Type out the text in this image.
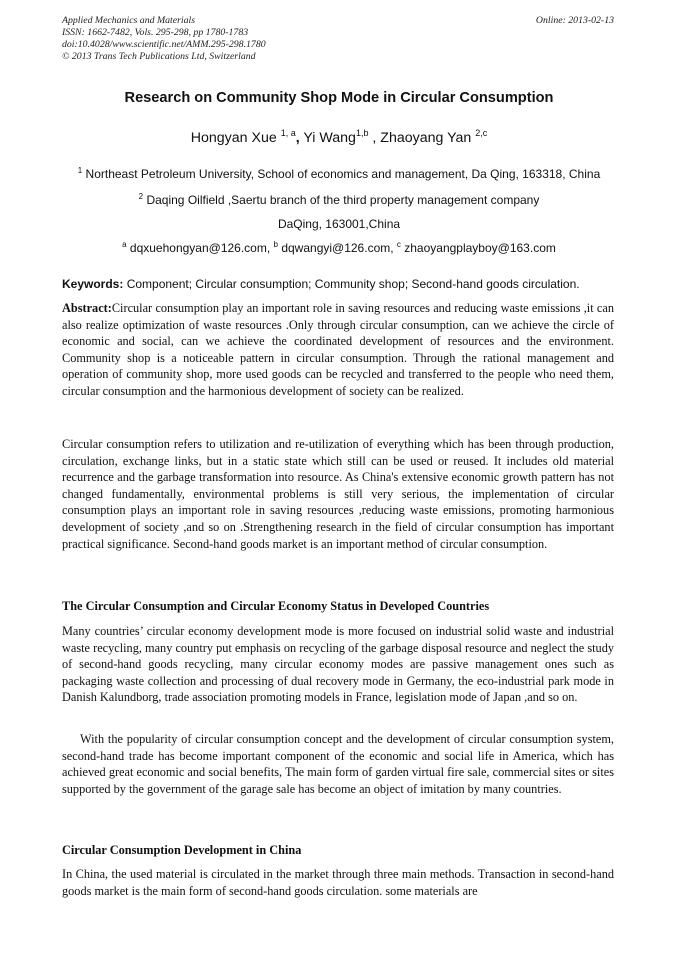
Applied Mechanics and Materials
ISSN: 1662-7482, Vols. 295-298, pp 1780-1783
doi:10.4028/www.scientific.net/AMM.295-298.1780
© 2013 Trans Tech Publications Ltd, Switzerland
Online: 2013-02-13
Research on Community Shop Mode in Circular Consumption
Hongyan Xue $^{1, a}$, Yi Wang$^{1,b}$ , Zhaoyang Yan $^{2,c}$
$^1$ Northeast Petroleum University, School of economics and management, Da Qing, 163318, China
$^2$ Daqing Oilfield ,Saertu branch of the third property management company
DaQing, 163001,China
$^a$ dqxuehongyan@126.com, $^b$ dqwangyi@126.com, $^c$ zhaoyangplayboy@163.com
Keywords: Component; Circular consumption; Community shop; Second-hand goods circulation.
Abstract:Circular consumption play an important role in saving resources and reducing waste emissions ,it can also realize optimization of waste resources .Only through circular consumption, can we achieve the circle of economic and social, can we achieve the coordinated development of resources and the environment. Community shop is a noticeable pattern in circular consumption. Through the rational management and operation of community shop, more used goods can be recycled and transferred to the people who need them, circular consumption and the harmonious development of society can be realized.
Circular consumption refers to utilization and re-utilization of everything which has been through production, circulation, exchange links, but in a static state which still can be used or reused. It includes old material recurrence and the garbage transformation into resource. As China's extensive economic growth pattern has not changed fundamentally, environmental problems is still very serious, the implementation of circular consumption plays an important role in saving resources ,reducing waste emissions, promoting harmonious development of society ,and so on .Strengthening research in the field of circular consumption has important practical significance. Second-hand goods market is an important method of circular consumption.
The Circular Consumption and Circular Economy Status in Developed Countries
Many countries’ circular economy development mode is more focused on industrial solid waste and industrial waste recycling, many country put emphasis on recycling of the garbage disposal resource and neglect the study of second-hand goods recycling, many circular economy modes are passive management ones such as packaging waste collection and processing of dual recovery mode in Germany, the eco-industrial park mode in Danish Kalundborg, trade association promoting models in France, legislation mode of Japan ,and so on.
With the popularity of circular consumption concept and the development of circular consumption system, second-hand trade has become important component of the economic and social life in America, which has achieved great economic and social benefits, The main form of garden virtual fire sale, commercial sites or sites supported by the government of the garage sale has become an object of imitation by many countries.
Circular Consumption Development in China
In China, the used material is circulated in the market through three main methods. Transaction in second-hand goods market is the main form of second-hand goods circulation. some materials are
